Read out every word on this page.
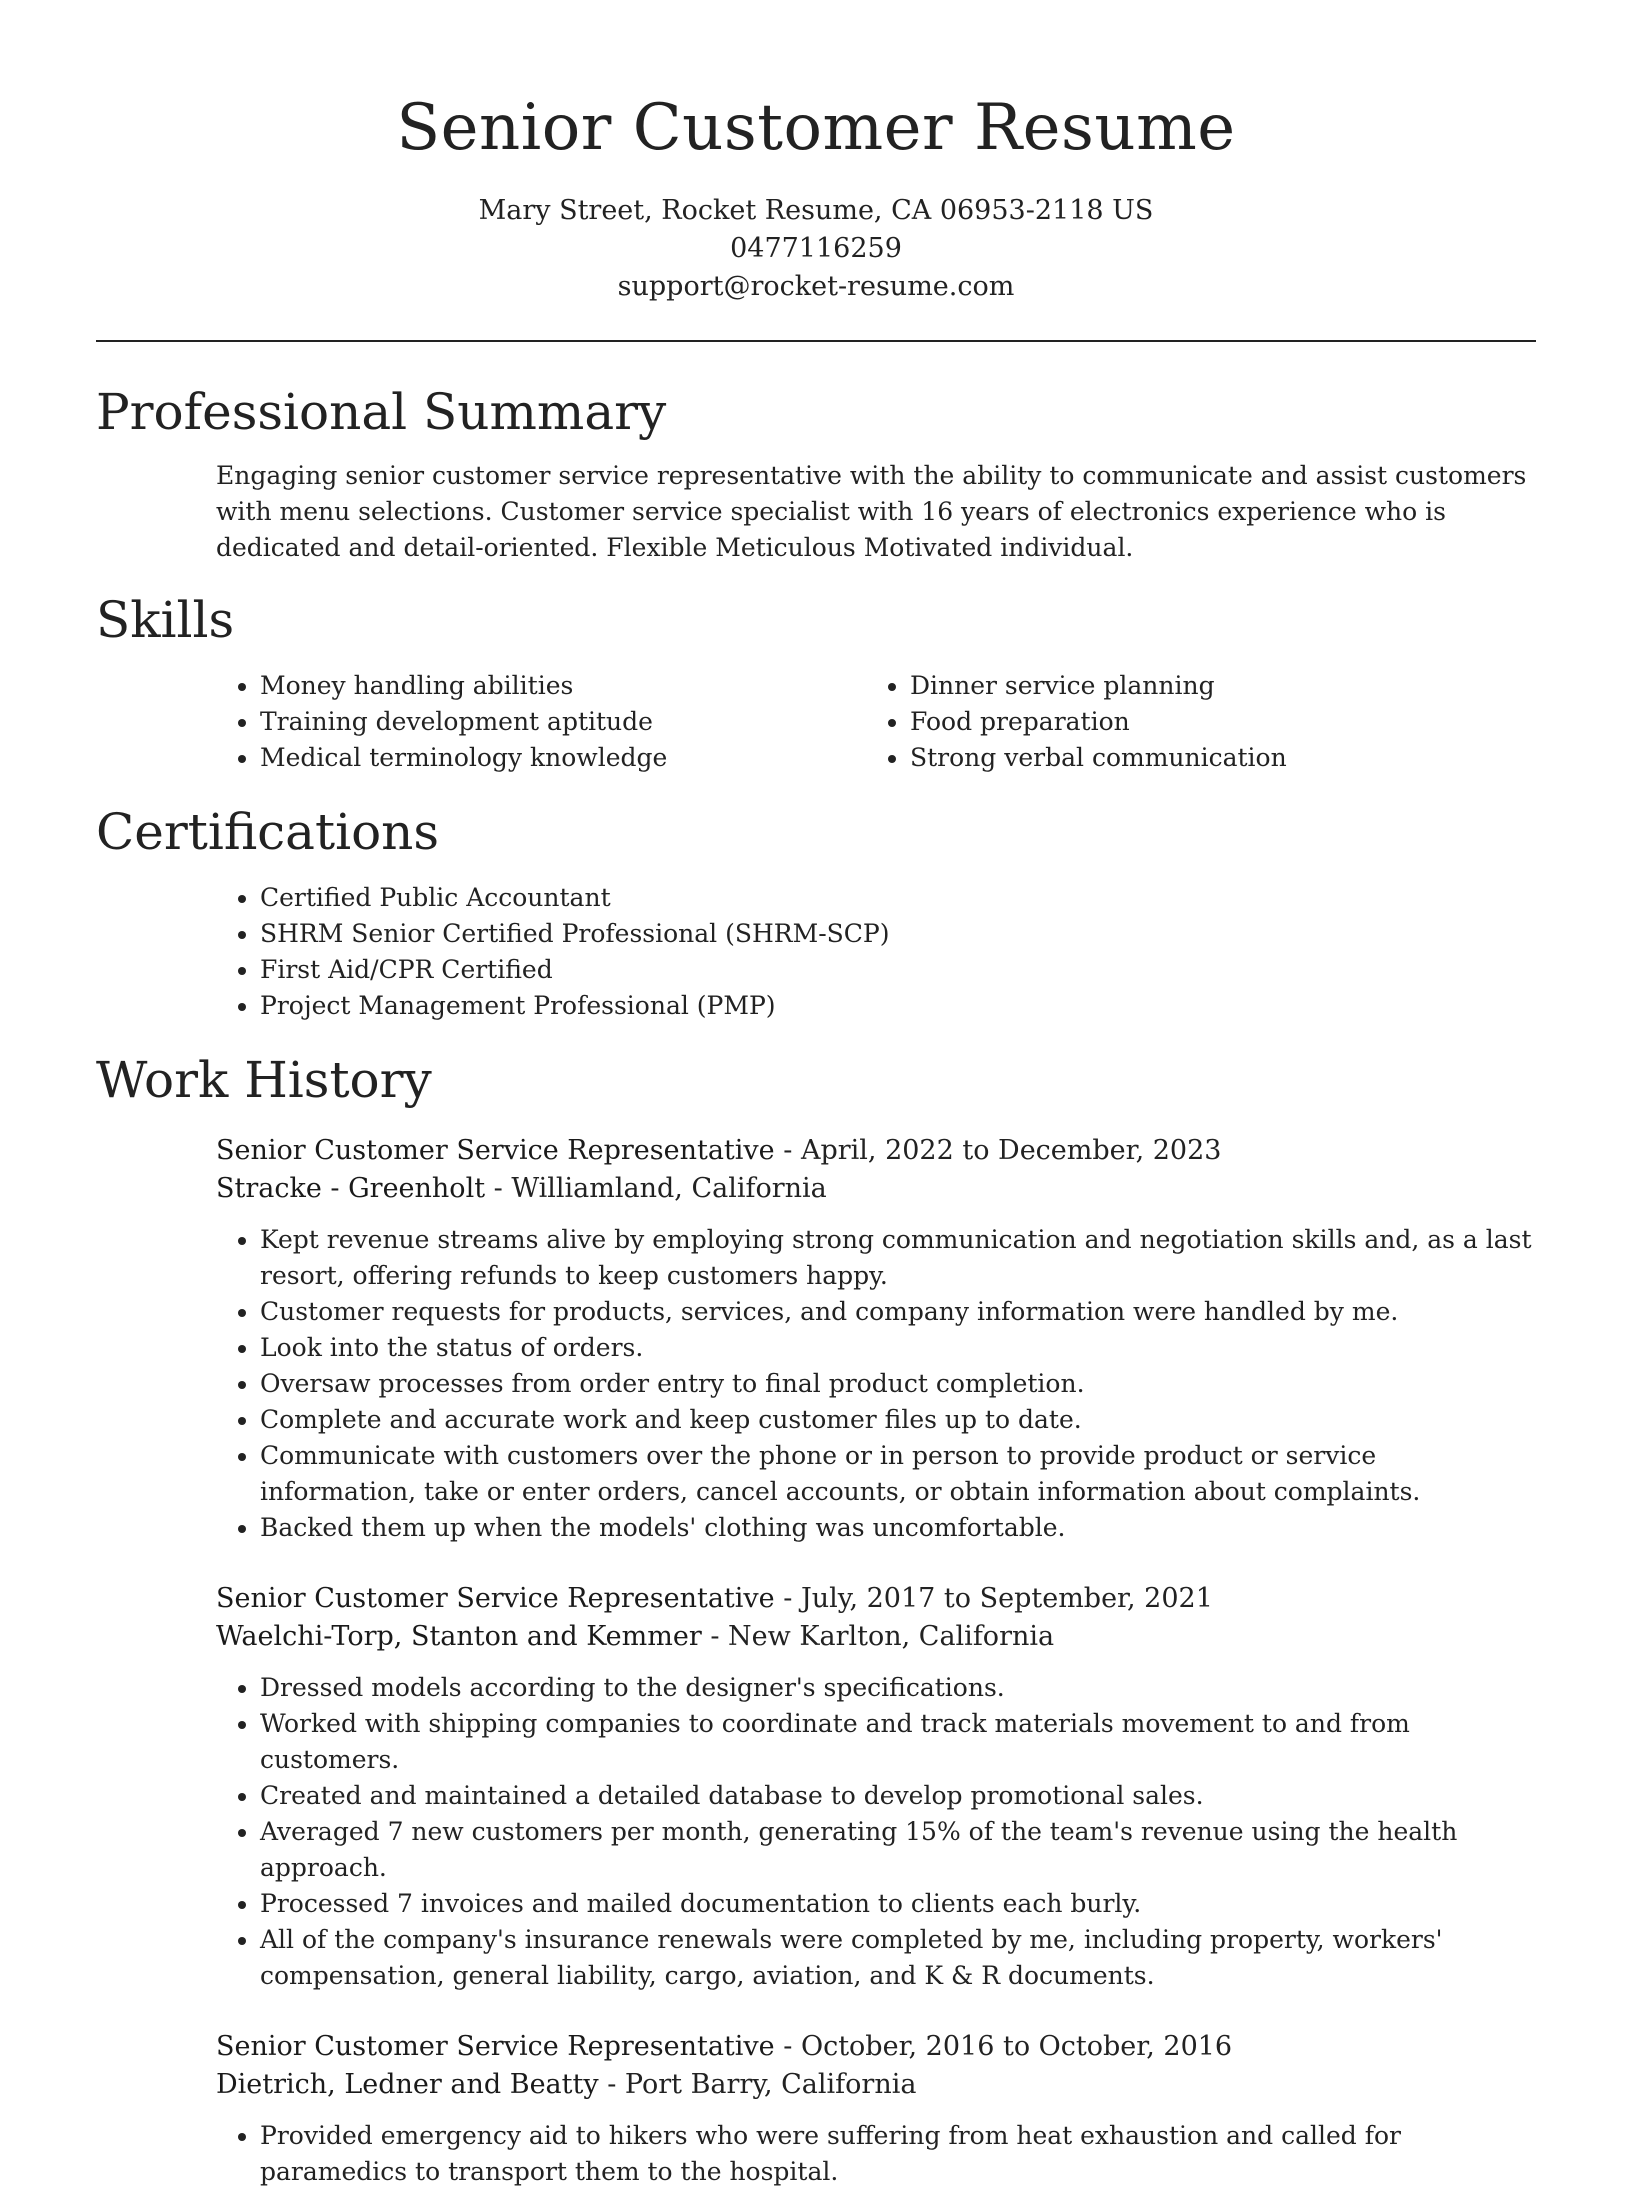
Senior Customer Resume
Mary Street, Rocket Resume, CA 06953-2118 US
0477116259
support@rocket-resume.com
Professional Summary
Engaging senior customer service representative with the ability to communicate and assist customers with menu selections. Customer service specialist with 16 years of electronics experience who is dedicated and detail-oriented. Flexible Meticulous Motivated individual.
Skills
• Money handling abilities
• Training development aptitude
• Medical terminology knowledge
• Dinner service planning
• Food preparation
• Strong verbal communication
Certifications
• Certified Public Accountant
• SHRM Senior Certified Professional (SHRM-SCP)
• First Aid/CPR Certified
• Project Management Professional (PMP)
Work History
Senior Customer Service Representative - April, 2022 to December, 2023
Stracke - Greenholt - Williamland, California
• Kept revenue streams alive by employing strong communication and negotiation skills and, as a last resort, offering refunds to keep customers happy.
• Customer requests for products, services, and company information were handled by me.
• Look into the status of orders.
• Oversaw processes from order entry to final product completion.
• Complete and accurate work and keep customer files up to date.
• Communicate with customers over the phone or in person to provide product or service information, take or enter orders, cancel accounts, or obtain information about complaints.
• Backed them up when the models' clothing was uncomfortable.
Senior Customer Service Representative - July, 2017 to September, 2021
Waelchi-Torp, Stanton and Kemmer - New Karlton, California
• Dressed models according to the designer's specifications.
• Worked with shipping companies to coordinate and track materials movement to and from customers.
• Created and maintained a detailed database to develop promotional sales.
• Averaged 7 new customers per month, generating 15% of the team's revenue using the health approach.
• Processed 7 invoices and mailed documentation to clients each burly.
• All of the company's insurance renewals were completed by me, including property, workers' compensation, general liability, cargo, aviation, and K & R documents.
Senior Customer Service Representative - October, 2016 to October, 2016
Dietrich, Ledner and Beatty - Port Barry, California
• Provided emergency aid to hikers who were suffering from heat exhaustion and called for paramedics to transport them to the hospital.
